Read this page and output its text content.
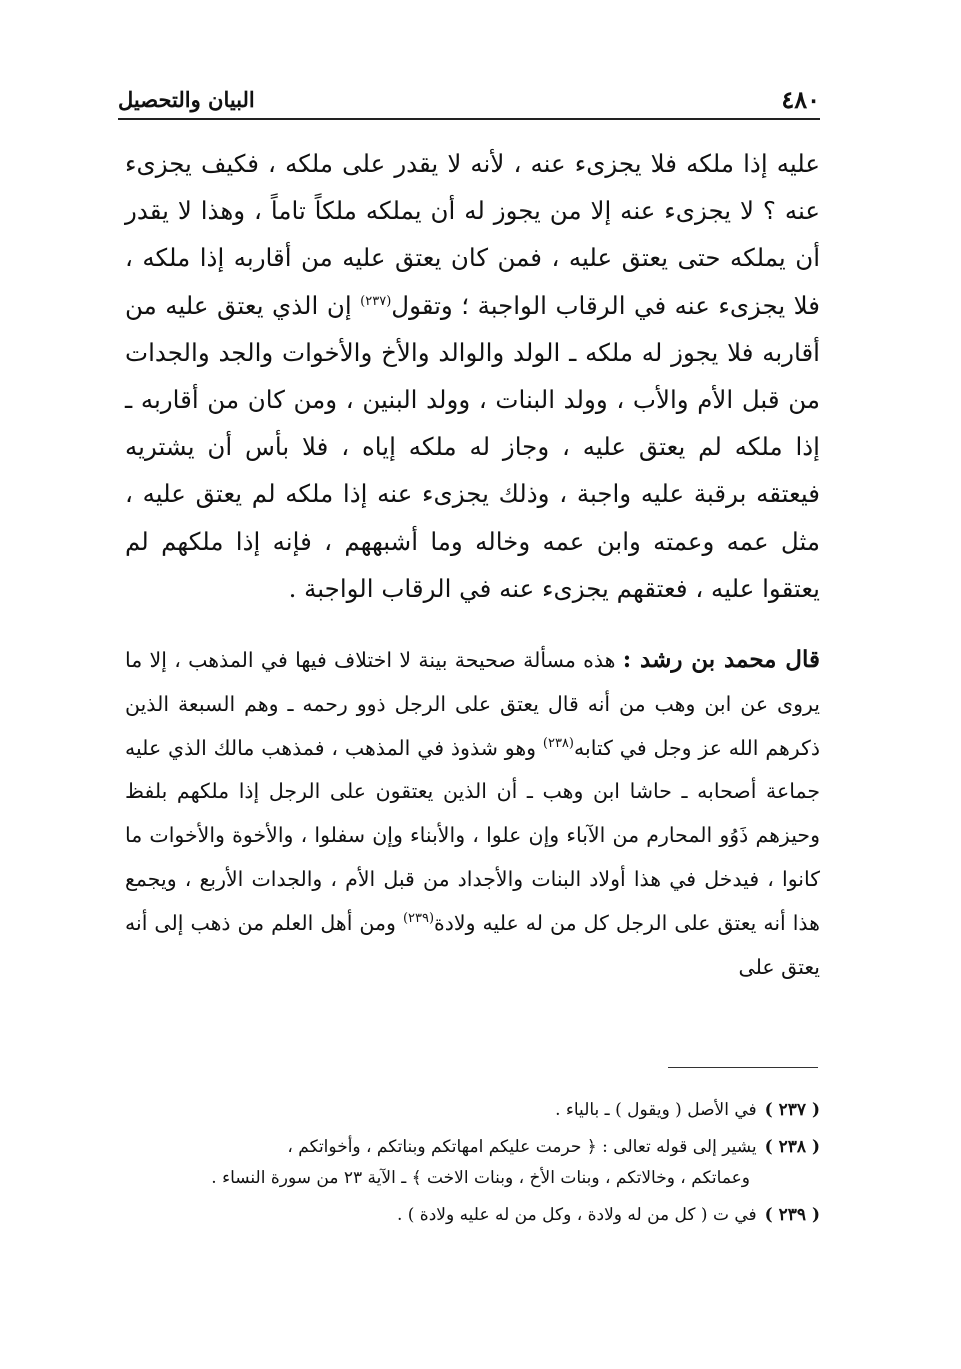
٤٨٠
البيان والتحصيل

عليه إذا ملكه فلا يجزىء عنه ، لأنه لا يقدر على ملكه ، فكيف يجزىء عنه ؟ لا يجزىء عنه إلا من يجوز له أن يملكه ملكاً تاماً ، وهذا لا يقدر أن يملكه حتى يعتق عليه ، فمن كان يعتق عليه من أقاربه إذا ملكه ، فلا يجزىء عنه في الرقاب الواجبة ؛ وتقول$^{(٢٣٧)}$ إن الذي يعتق عليه من أقاربه فلا يجوز له ملكه ـ الولد والوالد والأخ والأخوات والجد والجدات من قبل الأم والأب ، وولد البنات ، وولد البنين ، ومن كان من أقاربه ـ إذا ملكه لم يعتق عليه ، وجاز له ملكه إياه ، فلا بأس أن يشتريه فيعتقه برقبة عليه واجبة ، وذلك يجزىء عنه إذا ملكه لم يعتق عليه ، مثل عمه وعمته وابن عمه وخاله وما أشبههم ، فإنه إذا ملكهم لم يعتقوا عليه ، فعتقهم يجزىء عنه في الرقاب الواجبة .

قال محمد بن رشد : هذه مسألة صحيحة بينة لا اختلاف فيها في المذهب ، إلا ما يروى عن ابن وهب من أنه قال يعتق على الرجل ذوو رحمه ـ وهم السبعة الذين ذكرهم الله عز وجل في كتابه$^{(٢٣٨)}$ وهو شذوذ في المذهب ، فمذهب مالك الذي عليه جماعة أصحابه ـ حاشا ابن وهب ـ أن الذين يعتقون على الرجل إذا ملكهم بلفظ وحيزهم ذَوُو المحارم من الآباء وإن علوا ، والأبناء وإن سفلوا ، والأخوة والأخوات ما كانوا ، فيدخل في هذا أولاد البنات والأجداد من قبل الأم ، والجدات الأربع ، ويجمع هذا أنه يعتق على الرجل كل من له عليه ولادة$^{(٢٣٩)}$ ومن أهل العلم من ذهب إلى أنه يعتق على

( ٢٣٧ )في الأصل ( ويقول ) ـ بالياء .

( ٢٣٨ )يشير إلى قوله تعالى : ﴿ حرمت عليكم امهاتكم وبناتكم ، وأخواتكم ،
وعماتكم ، وخالاتكم ، وبنات الأخ ، وبنات الاخت ﴾ ـ الآية ٢٣ من سورة النساء .

( ٢٣٩ )في ت ( كل من له ولادة ، وكل من له عليه ولادة ) .
